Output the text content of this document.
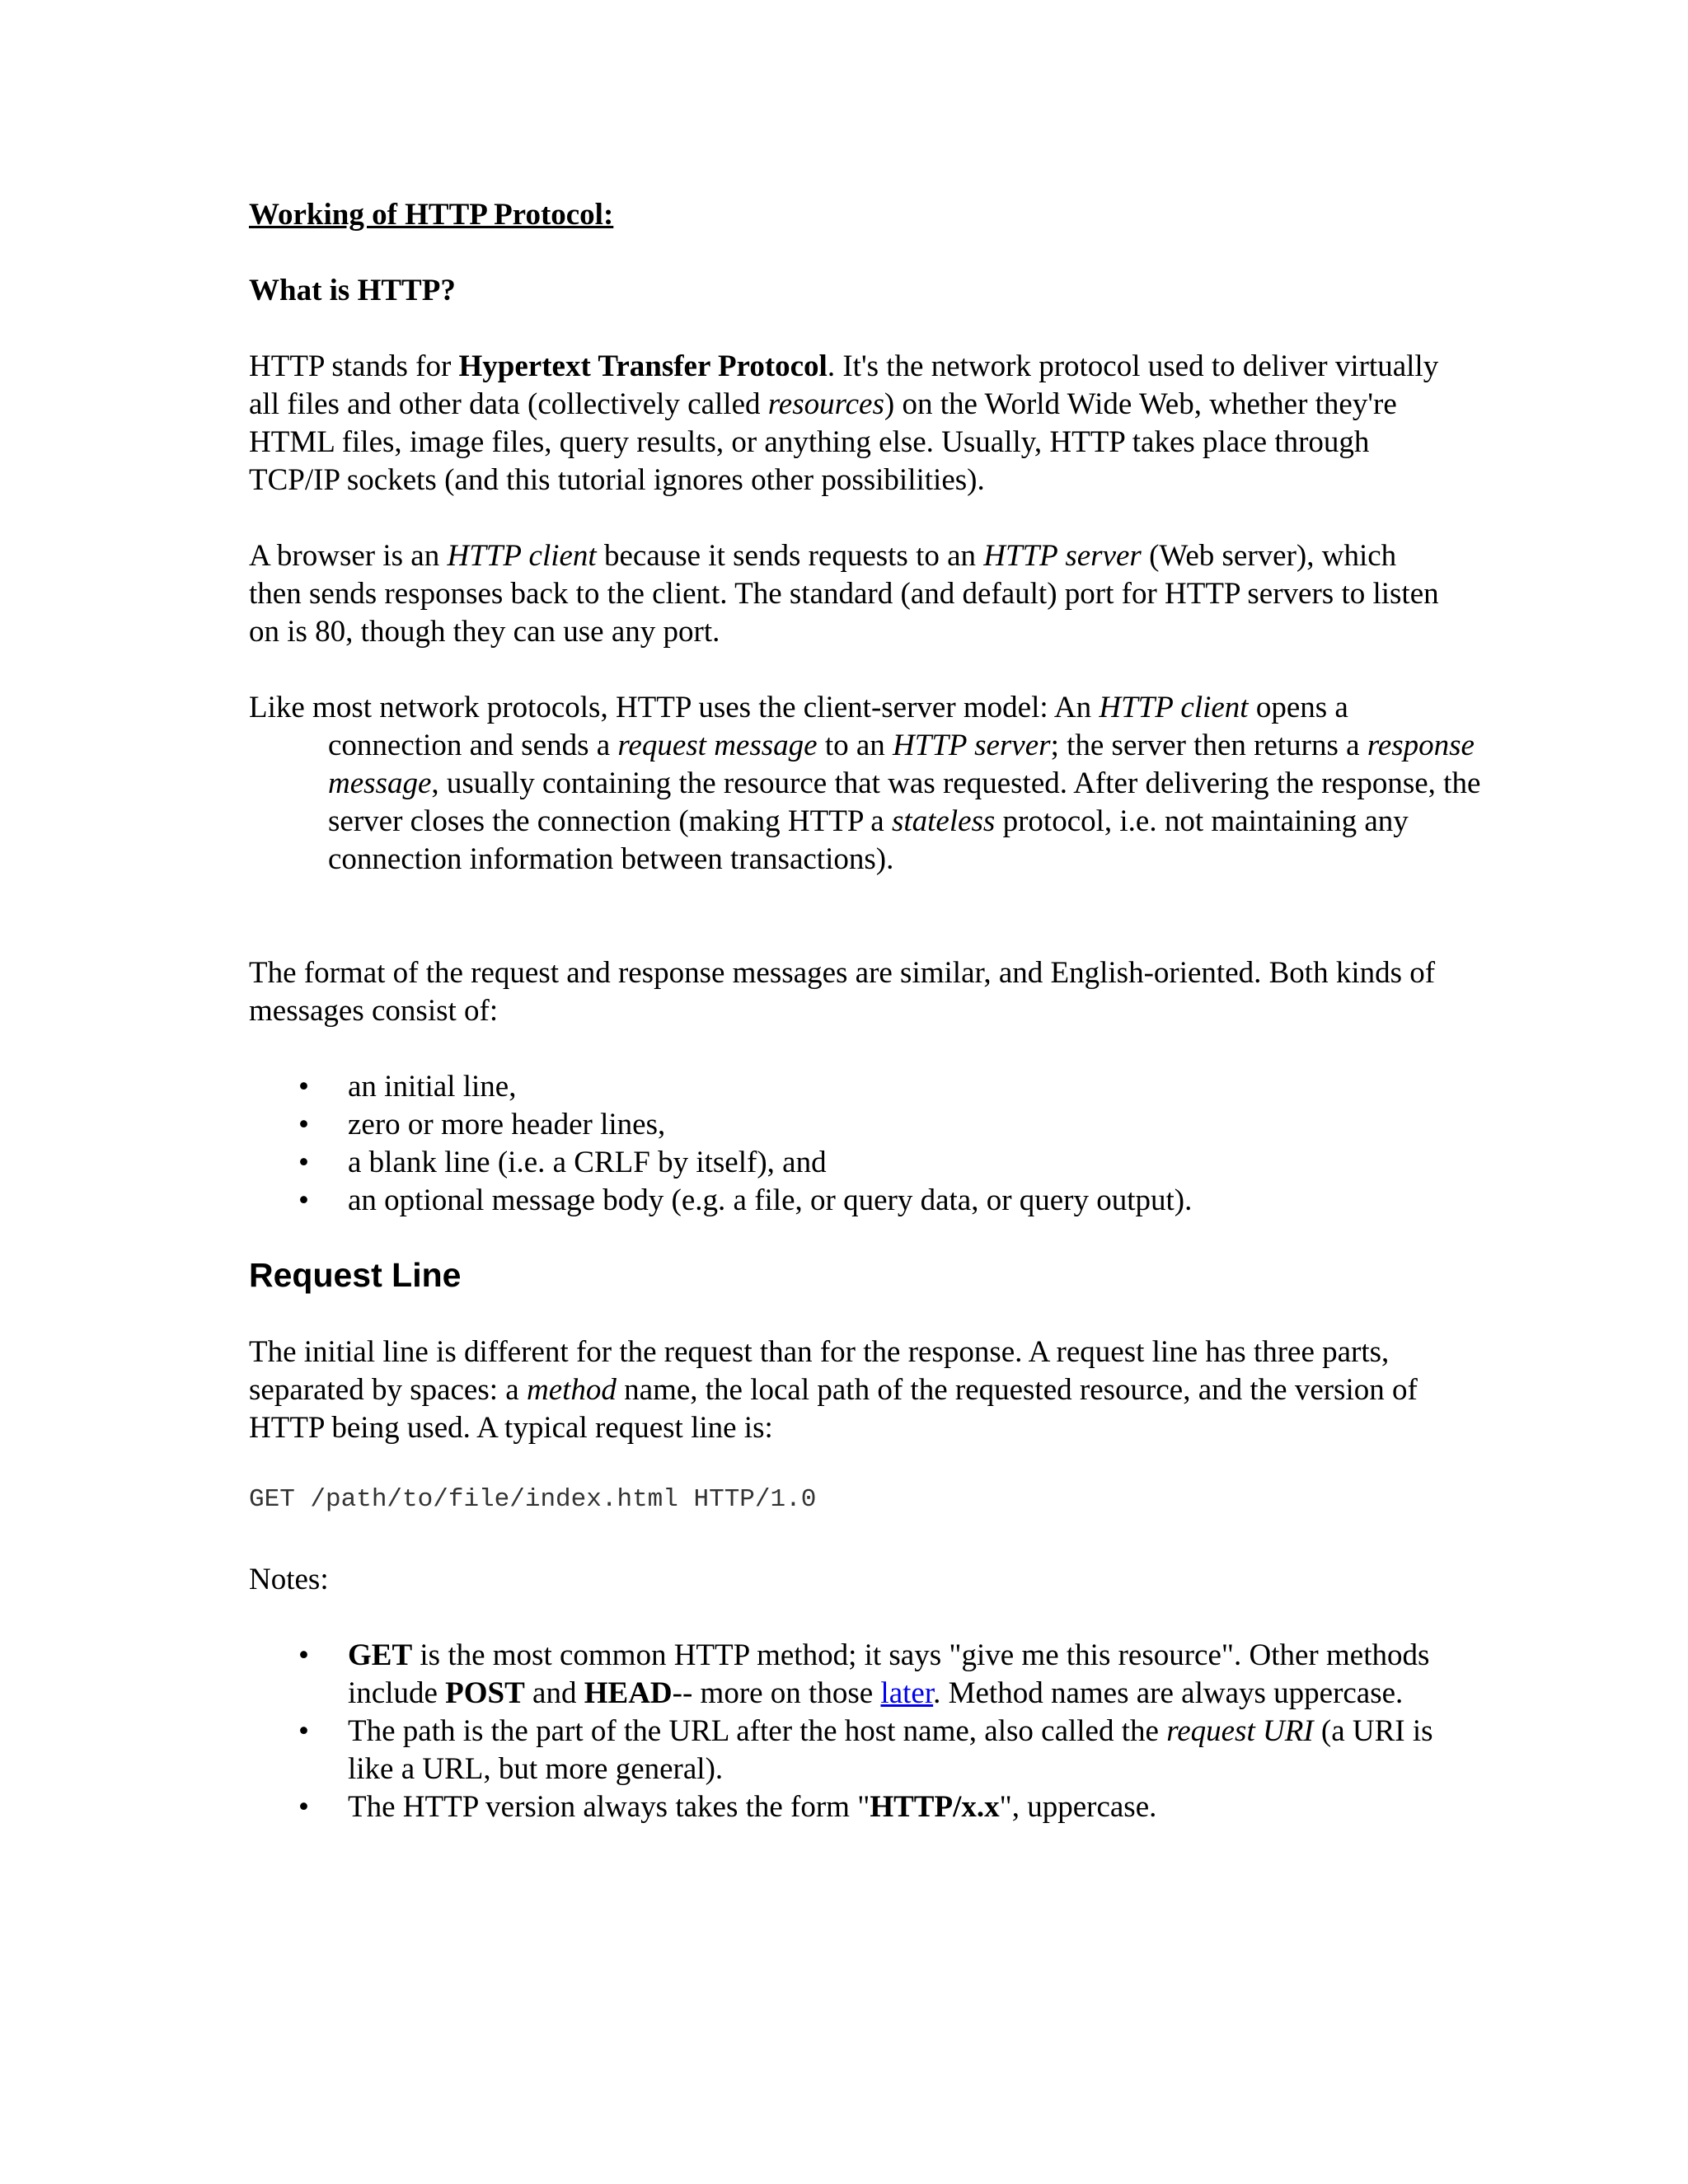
Working of HTTP Protocol:

What is HTTP?

HTTP stands for Hypertext Transfer Protocol. It's the network protocol used to deliver virtually all files and other data (collectively called resources) on the World Wide Web, whether they're HTML files, image files, query results, or anything else. Usually, HTTP takes place through TCP/IP sockets (and this tutorial ignores other possibilities).

A browser is an HTTP client because it sends requests to an HTTP server (Web server), which then sends responses back to the client. The standard (and default) port for HTTP servers to listen on is 80, though they can use any port.

Like most network protocols, HTTP uses the client-server model: An HTTP client opens a connection and sends a request message to an HTTP server; the server then returns a response message, usually containing the resource that was requested. After delivering the response, the server closes the connection (making HTTP a stateless protocol, i.e. not maintaining any connection information between transactions).

The format of the request and response messages are similar, and English-oriented. Both kinds of messages consist of:

• an initial line,
• zero or more header lines,
• a blank line (i.e. a CRLF by itself), and
• an optional message body (e.g. a file, or query data, or query output).
Request Line

The initial line is different for the request than for the response. A request line has three parts, separated by spaces: a method name, the local path of the requested resource, and the version of HTTP being used. A typical request line is:

GET /path/to/file/index.html HTTP/1.0

Notes:

• GET is the most common HTTP method; it says "give me this resource". Other methods include POST and HEAD-- more on those later. Method names are always uppercase.
• The path is the part of the URL after the host name, also called the request URI (a URI is like a URL, but more general).
• The HTTP version always takes the form "HTTP/x.x", uppercase.
